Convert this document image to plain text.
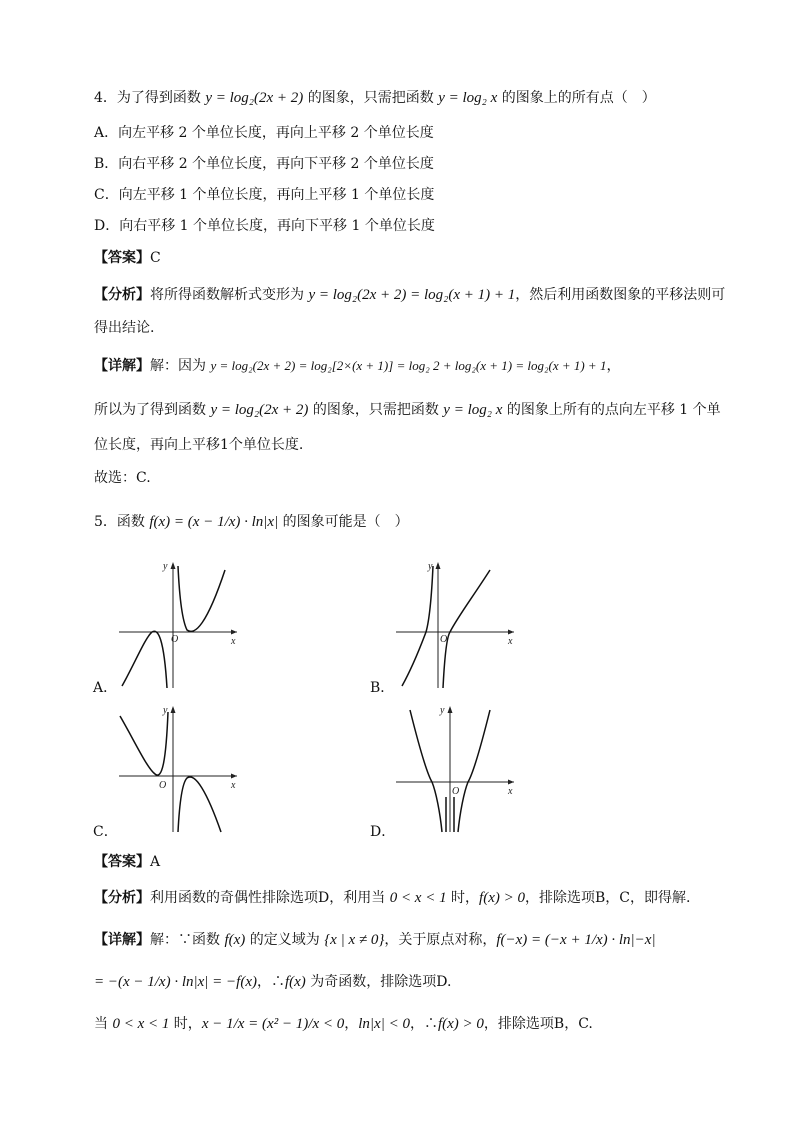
4．为了得到函数 y = log₂(2x + 2) 的图象，只需把函数 y = log₂ x 的图象上的所有点（　）
A．向左平移 2 个单位长度，再向上平移 2 个单位长度
B．向右平移 2 个单位长度，再向下平移 2 个单位长度
C．向左平移 1 个单位长度，再向上平移 1 个单位长度
D．向右平移 1 个单位长度，再向下平移 1 个单位长度
【答案】C
【分析】将所得函数解析式变形为 y = log₂(2x + 2) = log₂(x + 1) + 1，然后利用函数图象的平移法则可
得出结论.
【详解】解：因为 y = log₂(2x + 2) = log₂[2×(x + 1)] = log₂ 2 + log₂(x + 1) = log₂(x + 1) + 1，
所以为了得到函数 y = log₂(2x + 2) 的图象，只需把函数 y = log₂ x 的图象上所有的点向左平移 1 个单
位长度，再向上平移1个单位长度.
故选：C.
5．函数 f(x) = (x − 1/x) · ln|x| 的图象可能是（　）
y
x
O
A．
y
x
O
B．
y
x
O
C．
y
x
O
D．
【答案】A
【分析】利用函数的奇偶性排除选项D，利用当 0 < x < 1 时，f(x) > 0，排除选项B，C，即得解.
【详解】解：∵函数 f(x) 的定义域为 {x | x ≠ 0}，关于原点对称，f(−x) = (−x + 1/x) · ln|−x|
= −(x − 1/x) · ln|x| = −f(x)，∴f(x) 为奇函数，排除选项D.
当 0 < x < 1 时，x − 1/x = (x² − 1)/x < 0，ln|x| < 0，∴f(x) > 0，排除选项B，C.
